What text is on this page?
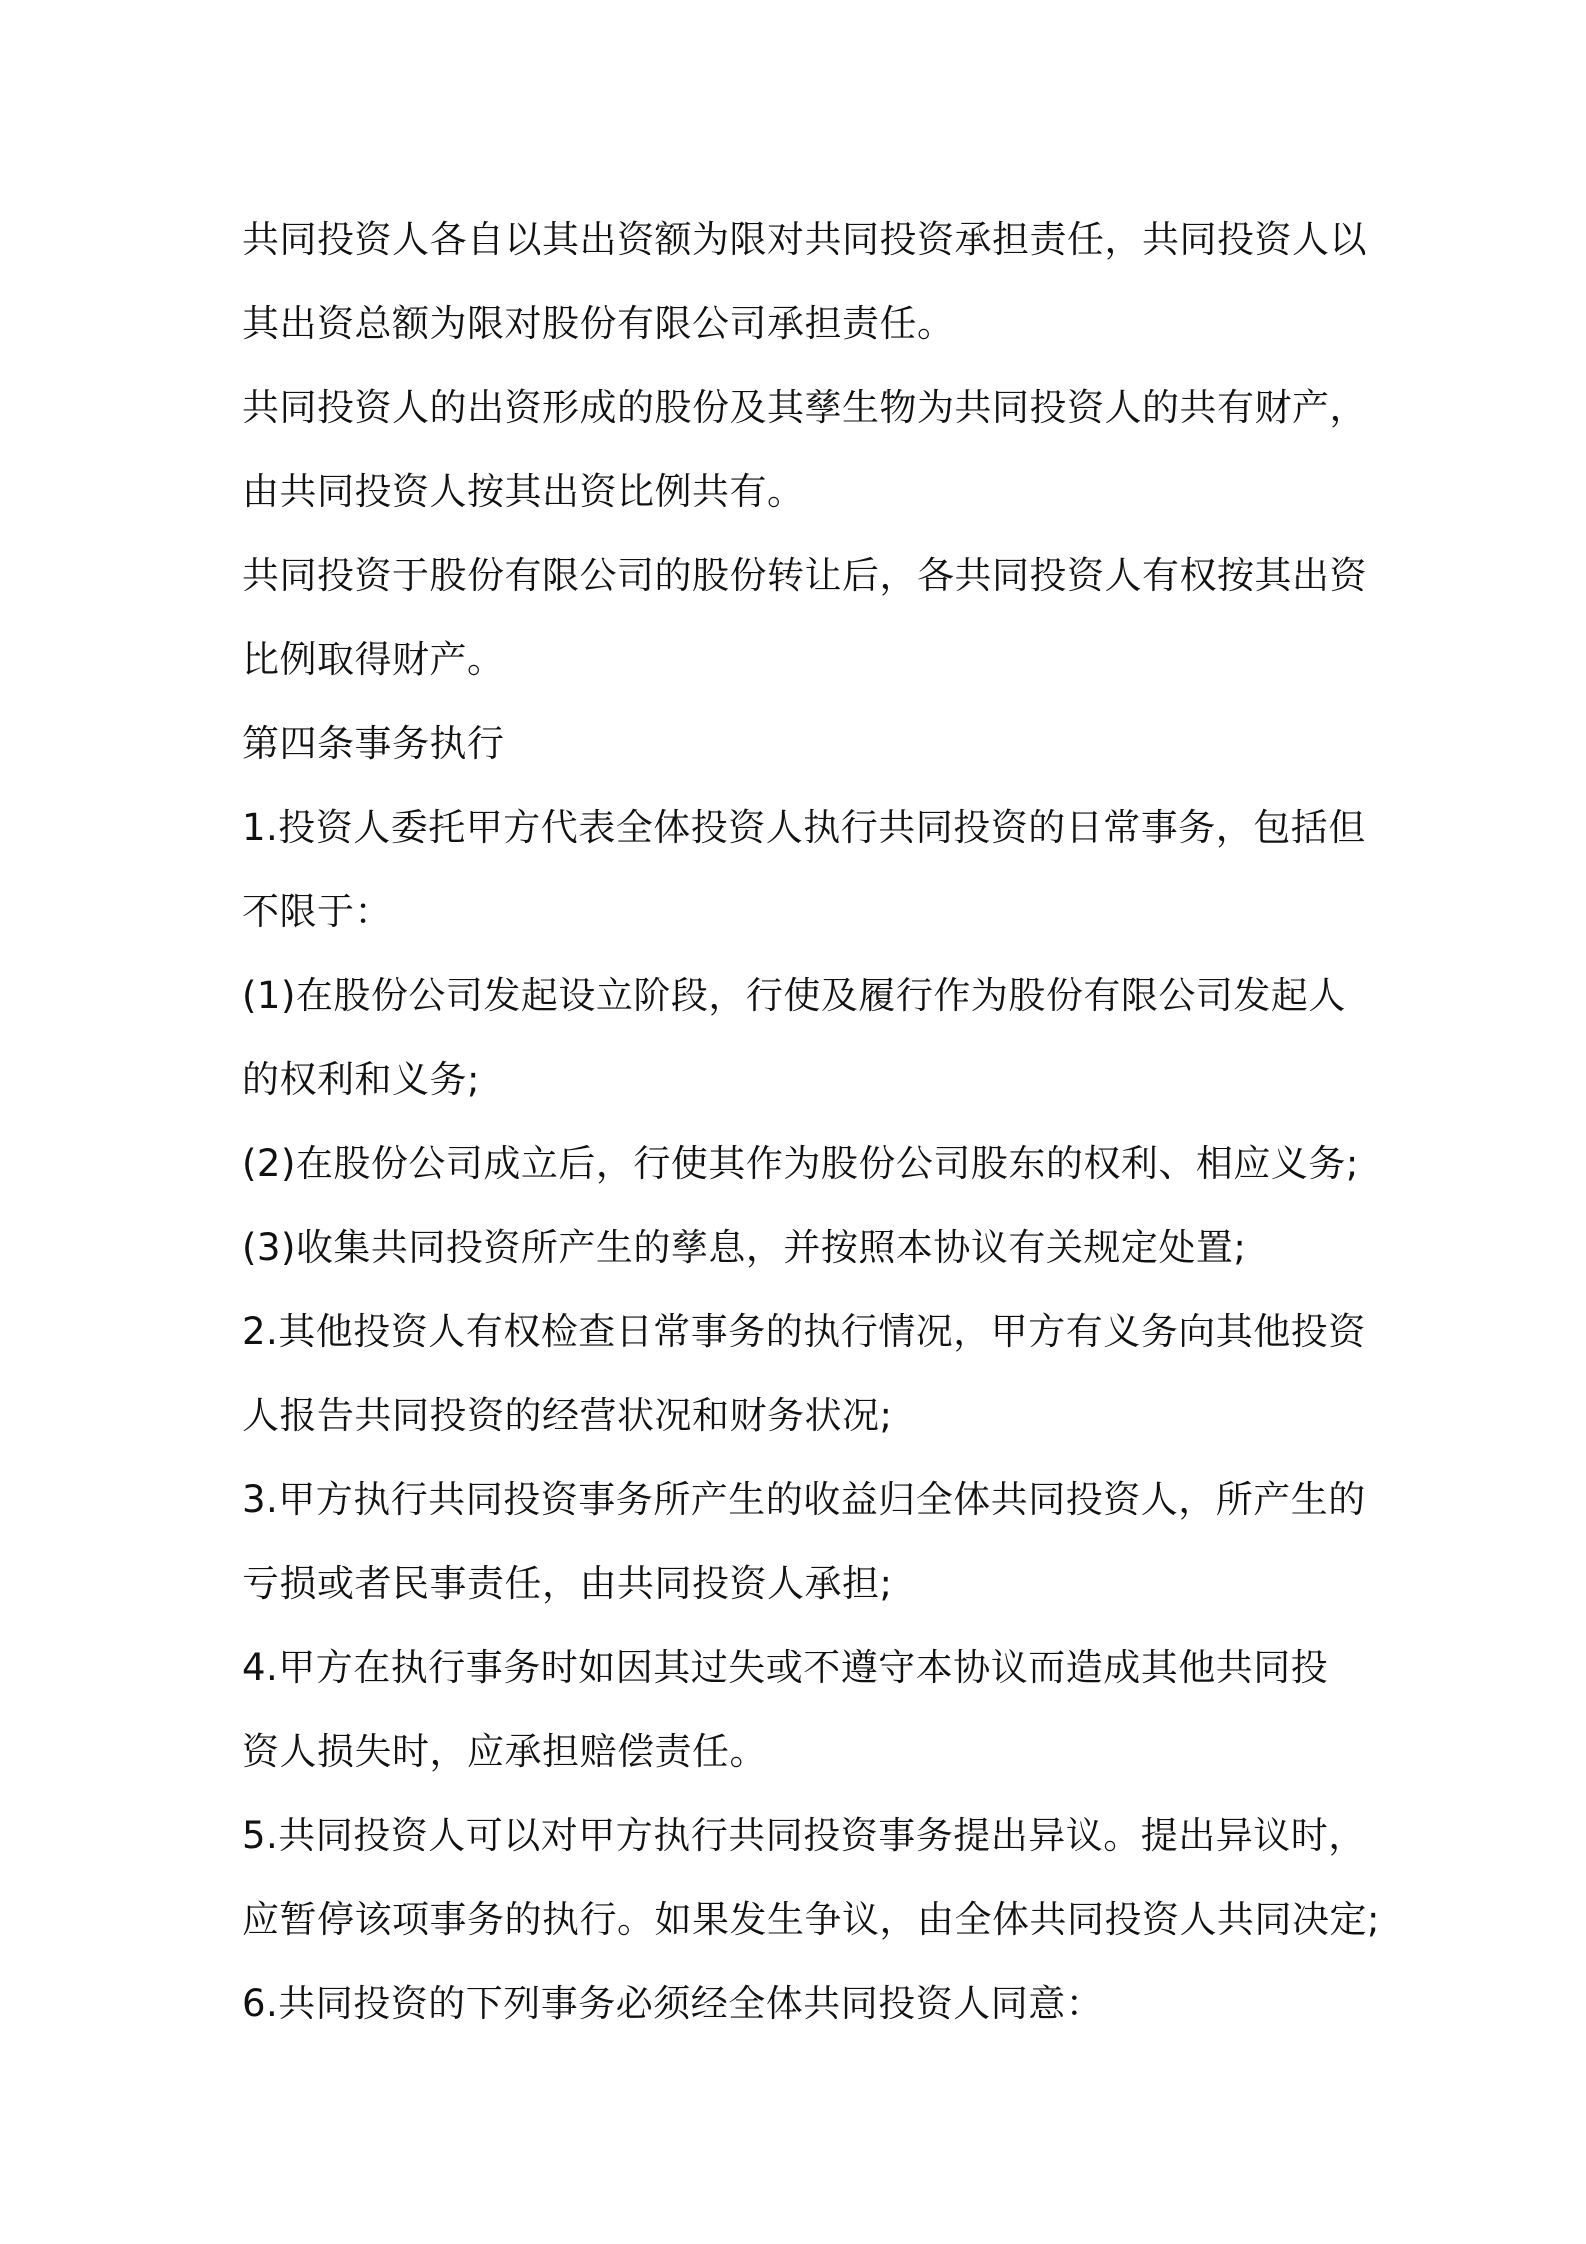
共同投资人各自以其出资额为限对共同投资承担责任，共同投资人以

其出资总额为限对股份有限公司承担责任。

共同投资人的出资形成的股份及其孳生物为共同投资人的共有财产，

由共同投资人按其出资比例共有。

共同投资于股份有限公司的股份转让后，各共同投资人有权按其出资

比例取得财产。

第四条事务执行

1.投资人委托甲方代表全体投资人执行共同投资的日常事务，包括但

不限于：

(1)在股份公司发起设立阶段，行使及履行作为股份有限公司发起人

的权利和义务;

(2)在股份公司成立后，行使其作为股份公司股东的权利、相应义务;

(3)收集共同投资所产生的孳息，并按照本协议有关规定处置;

2.其他投资人有权检查日常事务的执行情况，甲方有义务向其他投资

人报告共同投资的经营状况和财务状况;

3.甲方执行共同投资事务所产生的收益归全体共同投资人，所产生的

亏损或者民事责任，由共同投资人承担;

4.甲方在执行事务时如因其过失或不遵守本协议而造成其他共同投

资人损失时，应承担赔偿责任。

5.共同投资人可以对甲方执行共同投资事务提出异议。提出异议时，

应暂停该项事务的执行。如果发生争议，由全体共同投资人共同决定;

6.共同投资的下列事务必须经全体共同投资人同意：
